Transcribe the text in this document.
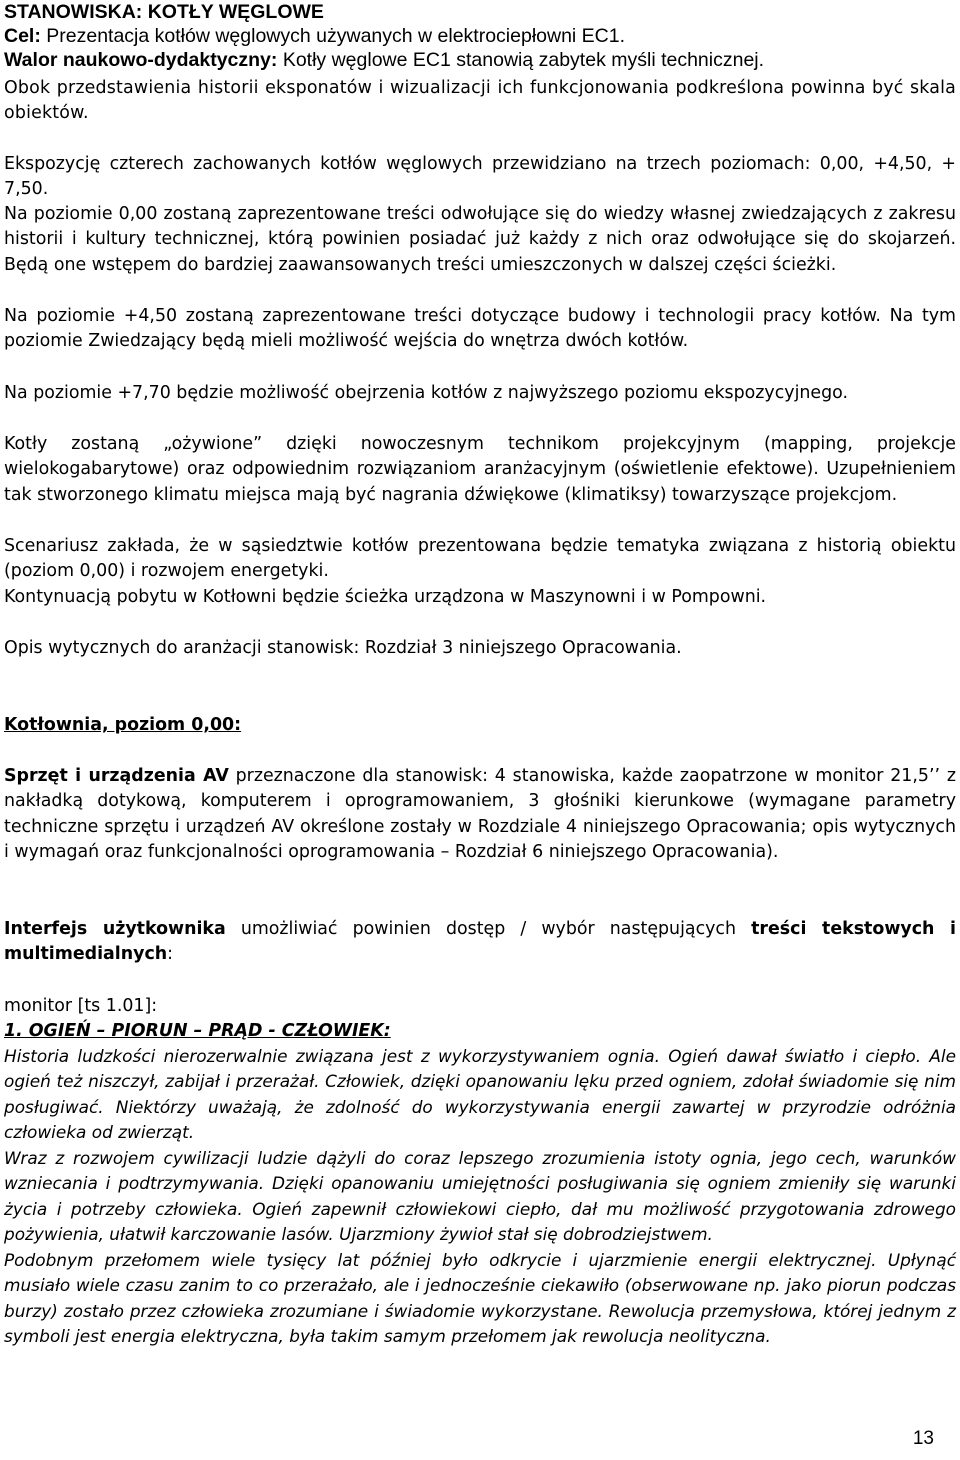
STANOWISKA: KOTŁY WĘGLOWE
Cel: Prezentacja kotłów węglowych używanych w elektrociepłowni EC1.
Walor naukowo-dydaktyczny: Kotły węglowe EC1 stanowią zabytek myśli technicznej.

Obok przedstawienia historii eksponatów i wizualizacji ich funkcjonowania podkreślona powinna być skala obiektów.

Ekspozycję czterech zachowanych kotłów węglowych przewidziano na trzech poziomach: 0,00, +4,50, + 7,50.

Na poziomie 0,00 zostaną zaprezentowane treści odwołujące się do wiedzy własnej zwiedzających z zakresu historii i kultury technicznej, którą powinien posiadać już każdy z nich oraz odwołujące się do skojarzeń. Będą one wstępem do bardziej zaawansowanych treści umieszczonych w dalszej części ścieżki.

Na poziomie +4,50 zostaną zaprezentowane treści dotyczące budowy i technologii pracy kotłów. Na tym poziomie Zwiedzający będą mieli możliwość wejścia do wnętrza dwóch kotłów.

Na poziomie +7,70 będzie możliwość obejrzenia kotłów z najwyższego poziomu ekspozycyjnego.

Kotły zostaną „ożywione” dzięki nowoczesnym technikom projekcyjnym (mapping, projekcje wielokogabarytowe) oraz odpowiednim rozwiązaniom aranżacyjnym (oświetlenie efektowe). Uzupełnieniem tak stworzonego klimatu miejsca mają być nagrania dźwiękowe (klimatiksy) towarzyszące projekcjom.

Scenariusz zakłada, że w sąsiedztwie kotłów prezentowana będzie tematyka związana z historią obiektu (poziom 0,00) i rozwojem energetyki.

Kontynuacją pobytu w Kotłowni będzie ścieżka urządzona w Maszynowni i w Pompowni.

Opis wytycznych do aranżacji stanowisk: Rozdział 3 niniejszego Opracowania.

Kotłownia, poziom 0,00:

Sprzęt i urządzenia AV przeznaczone dla stanowisk: 4 stanowiska, każde zaopatrzone w monitor 21,5’’ z nakładką dotykową, komputerem i oprogramowaniem, 3 głośniki kierunkowe (wymagane parametry techniczne sprzętu i urządzeń AV określone zostały w Rozdziale 4 niniejszego Opracowania; opis wytycznych i wymagań oraz funkcjonalności oprogramowania – Rozdział 6 niniejszego Opracowania).

Interfejs użytkownika umożliwiać powinien dostęp / wybór następujących treści tekstowych i multimedialnych:

monitor [ts 1.01]:

1. OGIEŃ – PIORUN – PRĄD - CZŁOWIEK:

Historia ludzkości nierozerwalnie związana jest z wykorzystywaniem ognia. Ogień dawał światło i ciepło. Ale ogień też niszczył, zabijał i przerażał. Człowiek, dzięki opanowaniu lęku przed ogniem, zdołał świadomie się nim posługiwać. Niektórzy uważają, że zdolność do wykorzystywania energii zawartej w przyrodzie odróżnia człowieka od zwierząt.

Wraz z rozwojem cywilizacji ludzie dążyli do coraz lepszego zrozumienia istoty ognia, jego cech, warunków wzniecania i podtrzymywania. Dzięki opanowaniu umiejętności posługiwania się ogniem zmieniły się warunki życia i potrzeby człowieka. Ogień zapewnił człowiekowi ciepło, dał mu możliwość przygotowania zdrowego pożywienia, ułatwił karczowanie lasów. Ujarzmiony żywioł stał się dobrodziejstwem.

Podobnym przełomem wiele tysięcy lat później było odkrycie i ujarzmienie energii elektrycznej. Upłynąć musiało wiele czasu zanim to co przerażało, ale i jednocześnie ciekawiło (obserwowane np. jako piorun podczas burzy) zostało przez człowieka zrozumiane i świadomie wykorzystane. Rewolucja przemysłowa, której jednym z symboli jest energia elektryczna, była takim samym przełomem jak rewolucja neolityczna.

13
